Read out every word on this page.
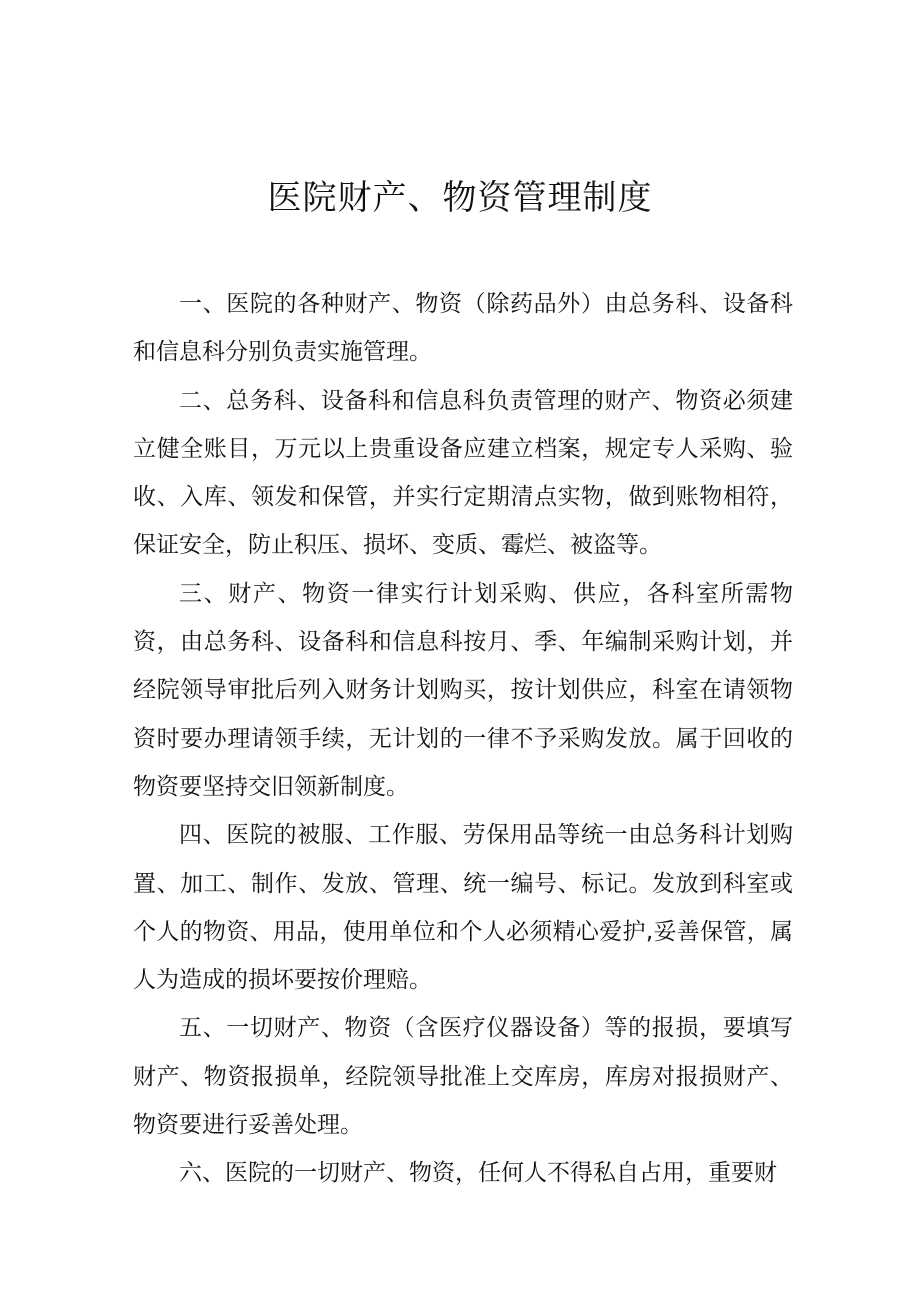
医院财产、物资管理制度

一、医院的各种财产、物资（除药品外）由总务科、设备科和信息科分别负责实施管理。

二、总务科、设备科和信息科负责管理的财产、物资必须建立健全账目，万元以上贵重设备应建立档案，规定专人采购、验收、入库、领发和保管，并实行定期清点实物，做到账物相符，保证安全，防止积压、损坏、变质、霉烂、被盗等。

三、财产、物资一律实行计划采购、供应，各科室所需物资，由总务科、设备科和信息科按月、季、年编制采购计划，并经院领导审批后列入财务计划购买，按计划供应，科室在请领物资时要办理请领手续，无计划的一律不予采购发放。属于回收的物资要坚持交旧领新制度。

四、医院的被服、工作服、劳保用品等统一由总务科计划购置、加工、制作、发放、管理、统一编号、标记。发放到科室或个人的物资、用品，使用单位和个人必须精心爱护,妥善保管，属人为造成的损坏要按价理赔。

五、一切财产、物资（含医疗仪器设备）等的报损，要填写财产、物资报损单，经院领导批准上交库房，库房对报损财产、物资要进行妥善处理。

六、医院的一切财产、物资，任何人不得私自占用，重要财
